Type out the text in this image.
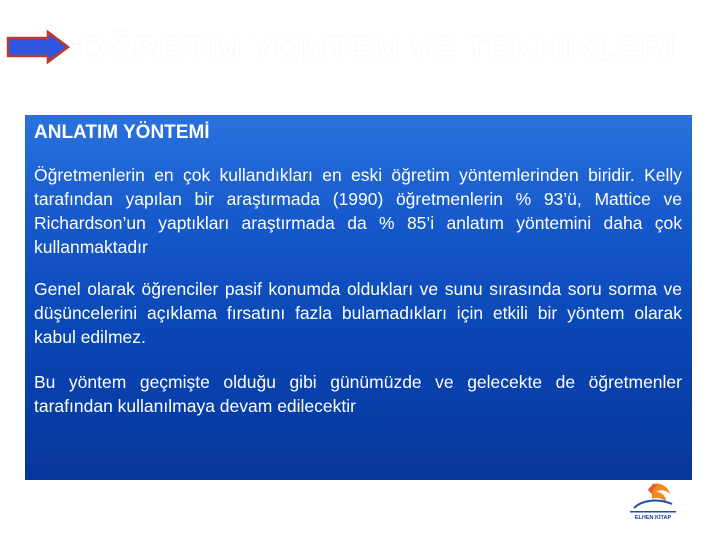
ÖĞRETİM YÖNTEM VE TEKNİKLERİ
ANLATIM YÖNTEMİ

Öğretmenlerin en çok kullandıkları en eski öğretim yöntemlerinden biridir. Kelly tarafından yapılan bir araştırmada (1990) öğretmenlerin % 93’ü, Mattice ve Richardson’un yaptıkları araştırmada da % 85’i anlatım yöntemini daha çok kullanmaktadır

Genel olarak öğrenciler pasif konumda oldukları ve sunu sırasında soru sorma ve düşüncelerini açıklama fırsatını fazla bulamadıkları için etkili bir yöntem olarak kabul edilmez.

Bu yöntem geçmişte olduğu gibi günümüzde ve gelecekte de öğretmenler tarafından kullanılmaya devam edilecektir

ELHEN KİTAP
